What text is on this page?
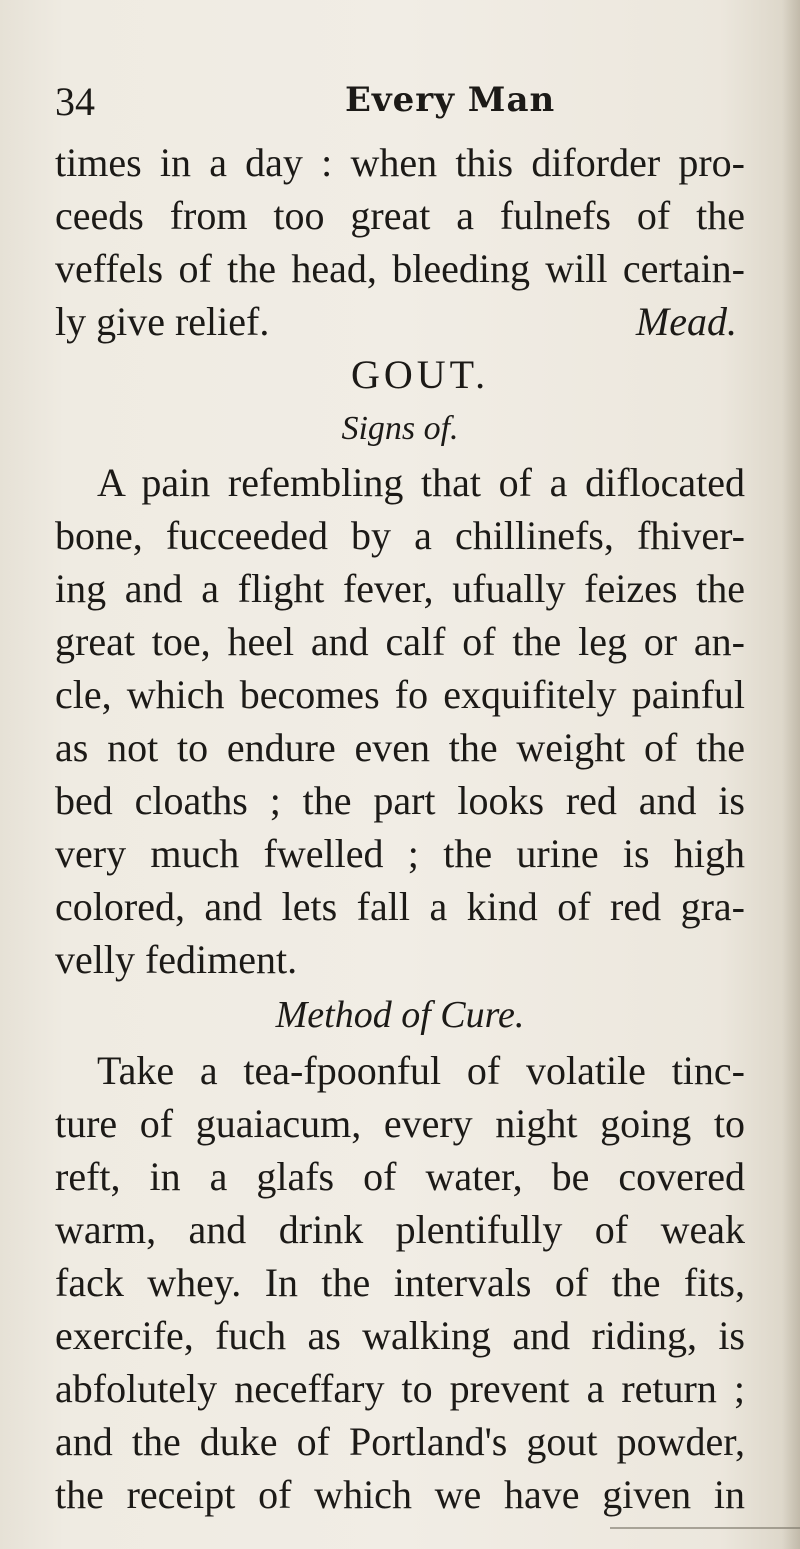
34	Every Man
times in a day : when this diforder pro-
ceeds from too great a fulnefs of the
veffels of the head, bleeding will certain-
ly give relief.	Mead.
GOUT.
Signs of.
A pain refembling that of a diflocated
bone, fucceeded by a chillinefs, fhiver-
ing and a flight fever, ufually feizes the
great toe, heel and calf of the leg or an-
cle, which becomes fo exquifitely painful
as not to endure even the weight of the
bed cloaths ; the part looks red and is
very much fwelled ; the urine is high
colored, and lets fall a kind of red gra-
velly fediment.
Method of Cure.
Take a tea-fpoonful of volatile tinc-
ture of guaiacum, every night going to
reft, in a glafs of water, be covered
warm, and drink plentifully of weak
fack whey. In the intervals of the fits,
exercife, fuch as walking and riding, is
abfolutely neceffary to prevent a return ;
and the duke of Portland's gout powder,
the receipt of which we have given in
